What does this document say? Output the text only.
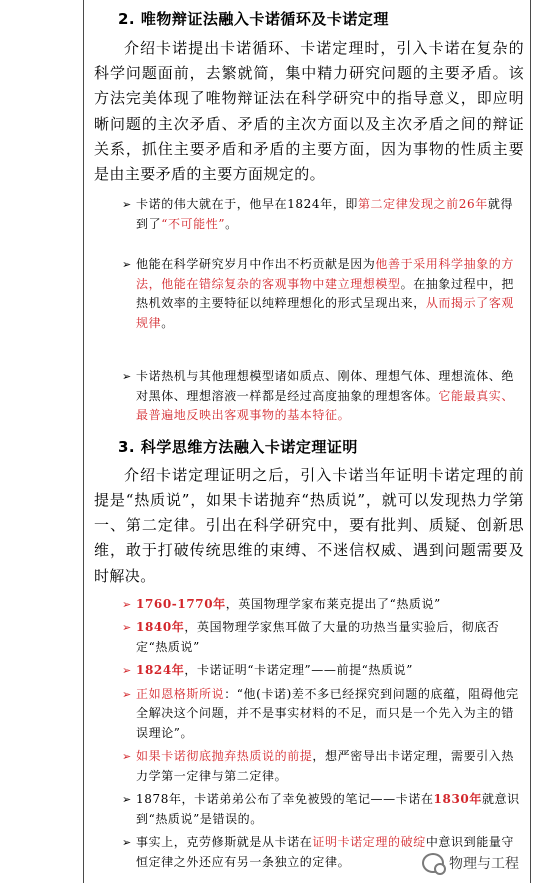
2. 唯物辩证法融入卡诺循环及卡诺定理

介绍卡诺提出卡诺循环、卡诺定理时，引入卡诺在复杂的科学问题面前，去繁就简，集中精力研究问题的主要矛盾。该方法完美体现了唯物辩证法在科学研究中的指导意义，即应明晰问题的主次矛盾、矛盾的主次方面以及主次矛盾之间的辩证关系，抓住主要矛盾和矛盾的主要方面，因为事物的性质主要是由主要矛盾的主要方面规定的。

➢ 卡诺的伟大就在于，他早在1824年，即第二定律发现之前26年就得到了“不可能性”。
➢ 他能在科学研究岁月中作出不朽贡献是因为他善于采用科学抽象的方法，他能在错综复杂的客观事物中建立理想模型。在抽象过程中，把热机效率的主要特征以纯粹理想化的形式呈现出来，从而揭示了客观规律。
➢ 卡诺热机与其他理想模型诸如质点、刚体、理想气体、理想流体、绝对黑体、理想溶液一样都是经过高度抽象的理想客体。它能最真实、最普遍地反映出客观事物的基本特征。
3. 科学思维方法融入卡诺定理证明

介绍卡诺定理证明之后，引入卡诺当年证明卡诺定理的前提是“热质说”，如果卡诺抛弃“热质说”，就可以发现热力学第一、第二定律。引出在科学研究中，要有批判、质疑、创新思维，敢于打破传统思维的束缚、不迷信权威、遇到问题需要及时解决。

➢ 1760-1770年，英国物理学家布莱克提出了“热质说”
➢ 1840年，英国物理学家焦耳做了大量的功热当量实验后，彻底否定“热质说”
➢ 1824年，卡诺证明“卡诺定理”——前提“热质说”
➢ 正如恩格斯所说：“他(卡诺)差不多已经探究到问题的底蕴，阻碍他完全解决这个问题，并不是事实材料的不足，而只是一个先入为主的错误理论”。
➢ 如果卡诺彻底抛弃热质说的前提，想严密导出卡诺定理，需要引入热力学第一定律与第二定律。
➢ 1878年，卡诺弟弟公布了幸免被毁的笔记——卡诺在1830年就意识到“热质说”是错误的。
➢ 事实上，克劳修斯就是从卡诺在证明卡诺定理的破绽中意识到能量守恒定律之外还应有另一条独立的定律。	物理与工程
